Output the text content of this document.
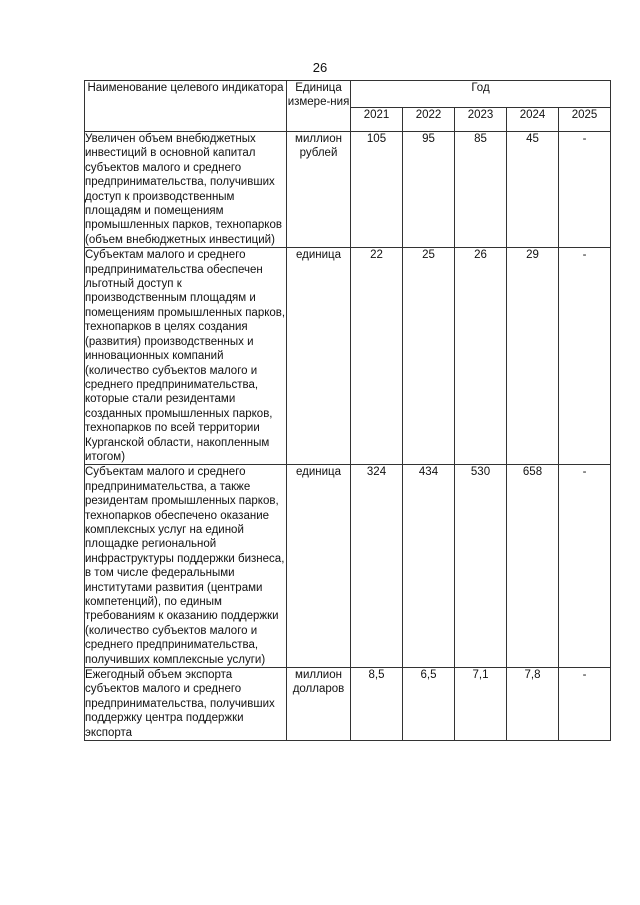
26
Наименование целевого индикатора	Единица измере-ния	Год				
		2021	2022	2023	2024	2025
Увеличен объем внебюджетных инвестиций в основной капитал субъектов малого и среднего предпринимательства, получивших доступ к производственным площадям и помещениям промышленных парков, технопарков (объем внебюджетных инвестиций)	миллион рублей	105	95	85	45	-
Субъектам малого и среднего предпринимательства обеспечен льготный доступ к производственным площадям и помещениям промышленных парков, технопарков в целях создания (развития) производственных и инновационных компаний (количество субъектов малого и среднего предпринимательства, которые стали резидентами созданных промышленных парков, технопарков по всей территории Курганской области, накопленным итогом)	единица	22	25	26	29	-
Субъектам малого и среднего предпринимательства, а также резидентам промышленных парков, технопарков обеспечено оказание комплексных услуг на единой площадке региональной инфраструктуры поддержки бизнеса, в том числе федеральными институтами развития (центрами компетенций), по единым требованиям к оказанию поддержки (количество субъектов малого и среднего предпринимательства, получивших комплексные услуги)	единица	324	434	530	658	-
Ежегодный объем экспорта субъектов малого и среднего предпринимательства, получивших поддержку центра поддержки экспорта	миллион долларов	8,5	6,5	7,1	7,8	-
